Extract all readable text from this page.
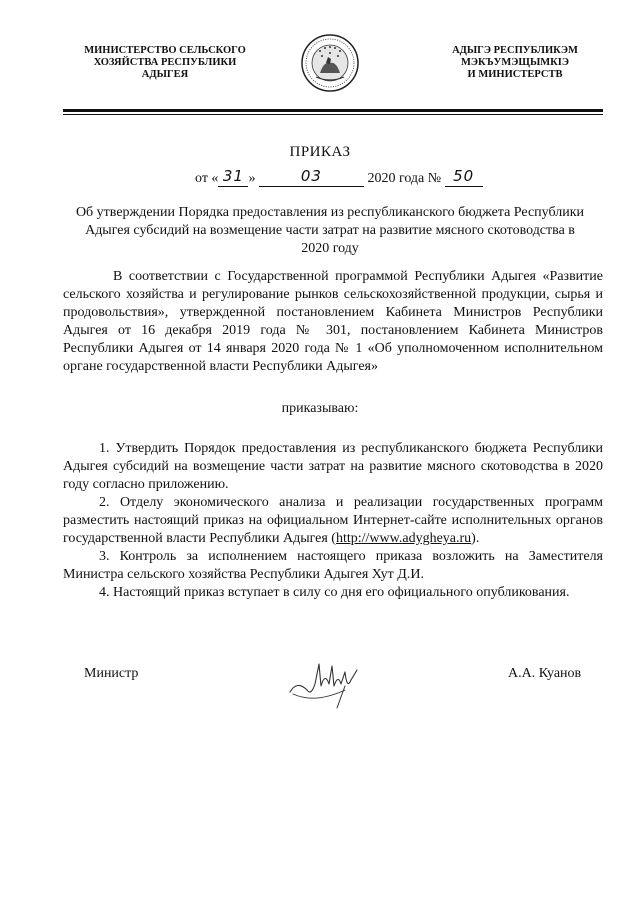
МИНИСТЕРСТВО СЕЛЬСКОГО
ХОЗЯЙСТВА РЕСПУБЛИКИ
АДЫГЕЯ
АДЫГЭ РЕСПУБЛИКЭМ
МЭКЪУМЭЩЫМКIЭ
И МИНИСТЕРСТВ
ПРИКАЗ
от « 31 »	03	2020 года № 50
Об утверждении Порядка предоставления из республиканского бюджета Республики Адыгея субсидий на возмещение части затрат на развитие мясного скотоводства в 2020 году
В соответствии с Государственной программой Республики Адыгея «Развитие сельского хозяйства и регулирование рынков сельскохозяйственной продукции, сырья и продовольствия», утвержденной постановлением Кабинета Министров Республики Адыгея от 16 декабря 2019 года № 301, постановлением Кабинета Министров Республики Адыгея от 14 января 2020 года № 1 «Об уполномоченном исполнительном органе государственной власти Республики Адыгея»
приказываю:

1. Утвердить Порядок предоставления из республиканского бюджета Республики Адыгея субсидий на возмещение части затрат на развитие мясного скотоводства в 2020 году согласно приложению.

2. Отделу экономического анализа и реализации государственных программ разместить настоящий приказ на официальном Интернет-сайте исполнительных органов государственной власти Республики Адыгея (http://www.adygheya.ru).

3. Контроль за исполнением настоящего приказа возложить на Заместителя Министра сельского хозяйства Республики Адыгея Хут Д.И.

4. Настоящий приказ вступает в силу со дня его официального опубликования.

Министр	А.А. Куанов
